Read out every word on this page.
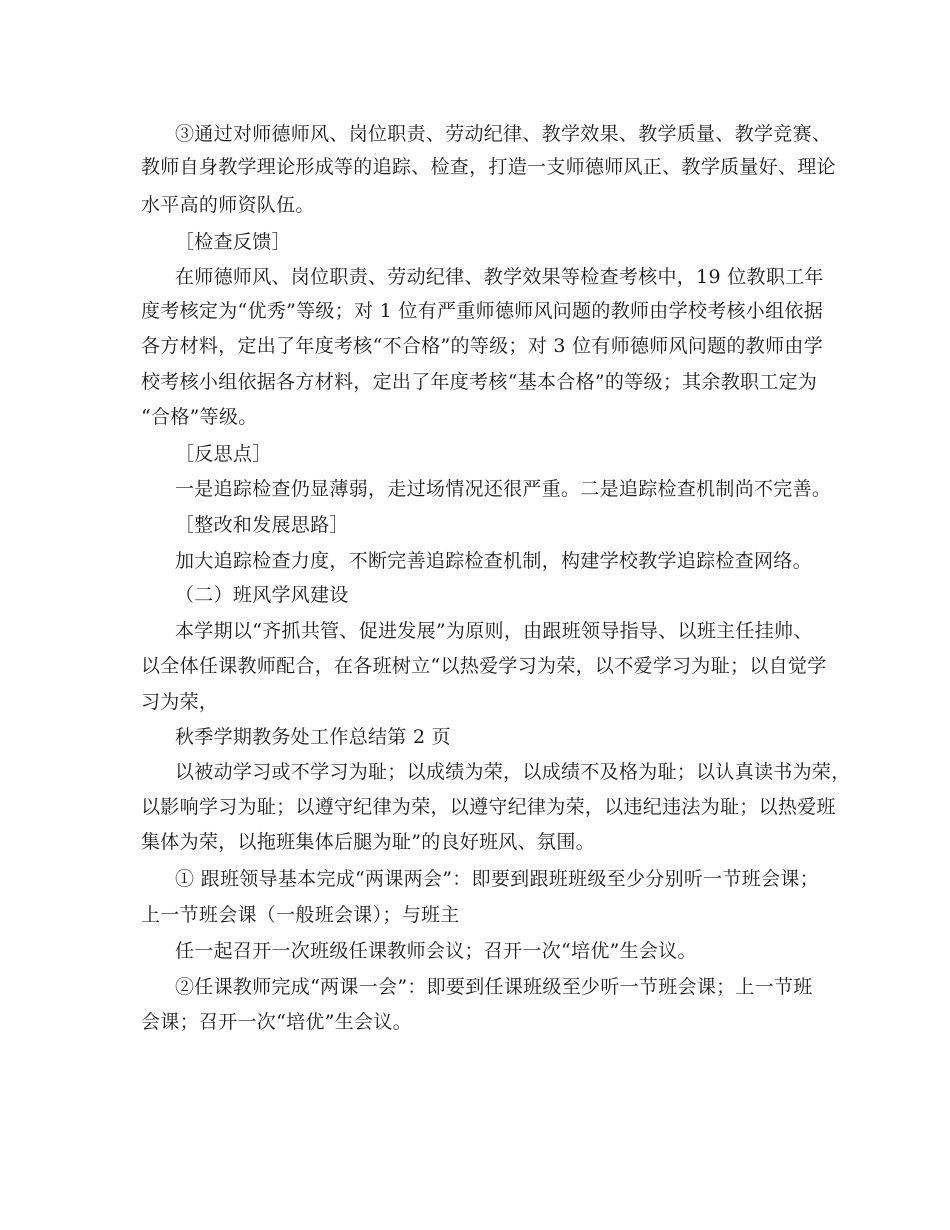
③通过对师德师风、岗位职责、劳动纪律、教学效果、教学质量、教学竞赛、
教师自身教学理论形成等的追踪、检查，打造一支师德师风正、教学质量好、理论
水平高的师资队伍。
［检查反馈］
在师德师风、岗位职责、劳动纪律、教学效果等检查考核中，19 位教职工年
度考核定为“优秀”等级；对 1 位有严重师德师风问题的教师由学校考核小组依据
各方材料，定出了年度考核“不合格”的等级；对 3 位有师德师风问题的教师由学
校考核小组依据各方材料，定出了年度考核“基本合格”的等级；其余教职工定为
“合格”等级。
［反思点］
一是追踪检查仍显薄弱，走过场情况还很严重。二是追踪检查机制尚不完善。
［整改和发展思路］
加大追踪检查力度，不断完善追踪检查机制，构建学校教学追踪检查网络。
（二）班风学风建设
本学期以“齐抓共管、促进发展”为原则，由跟班领导指导、以班主任挂帅、
以全体任课教师配合，在各班树立“以热爱学习为荣，以不爱学习为耻；以自觉学
习为荣，
秋季学期教务处工作总结第 2 页
以被动学习或不学习为耻；以成绩为荣，以成绩不及格为耻；以认真读书为荣，
以影响学习为耻；以遵守纪律为荣，以遵守纪律为荣，以违纪违法为耻；以热爱班
集体为荣，以拖班集体后腿为耻”的良好班风、氛围。
① 跟班领导基本完成“两课两会”：即要到跟班班级至少分别听一节班会课；
上一节班会课（一般班会课）；与班主
任一起召开一次班级任课教师会议；召开一次“培优”生会议。
②任课教师完成“两课一会”：即要到任课班级至少听一节班会课；上一节班
会课；召开一次“培优”生会议。
